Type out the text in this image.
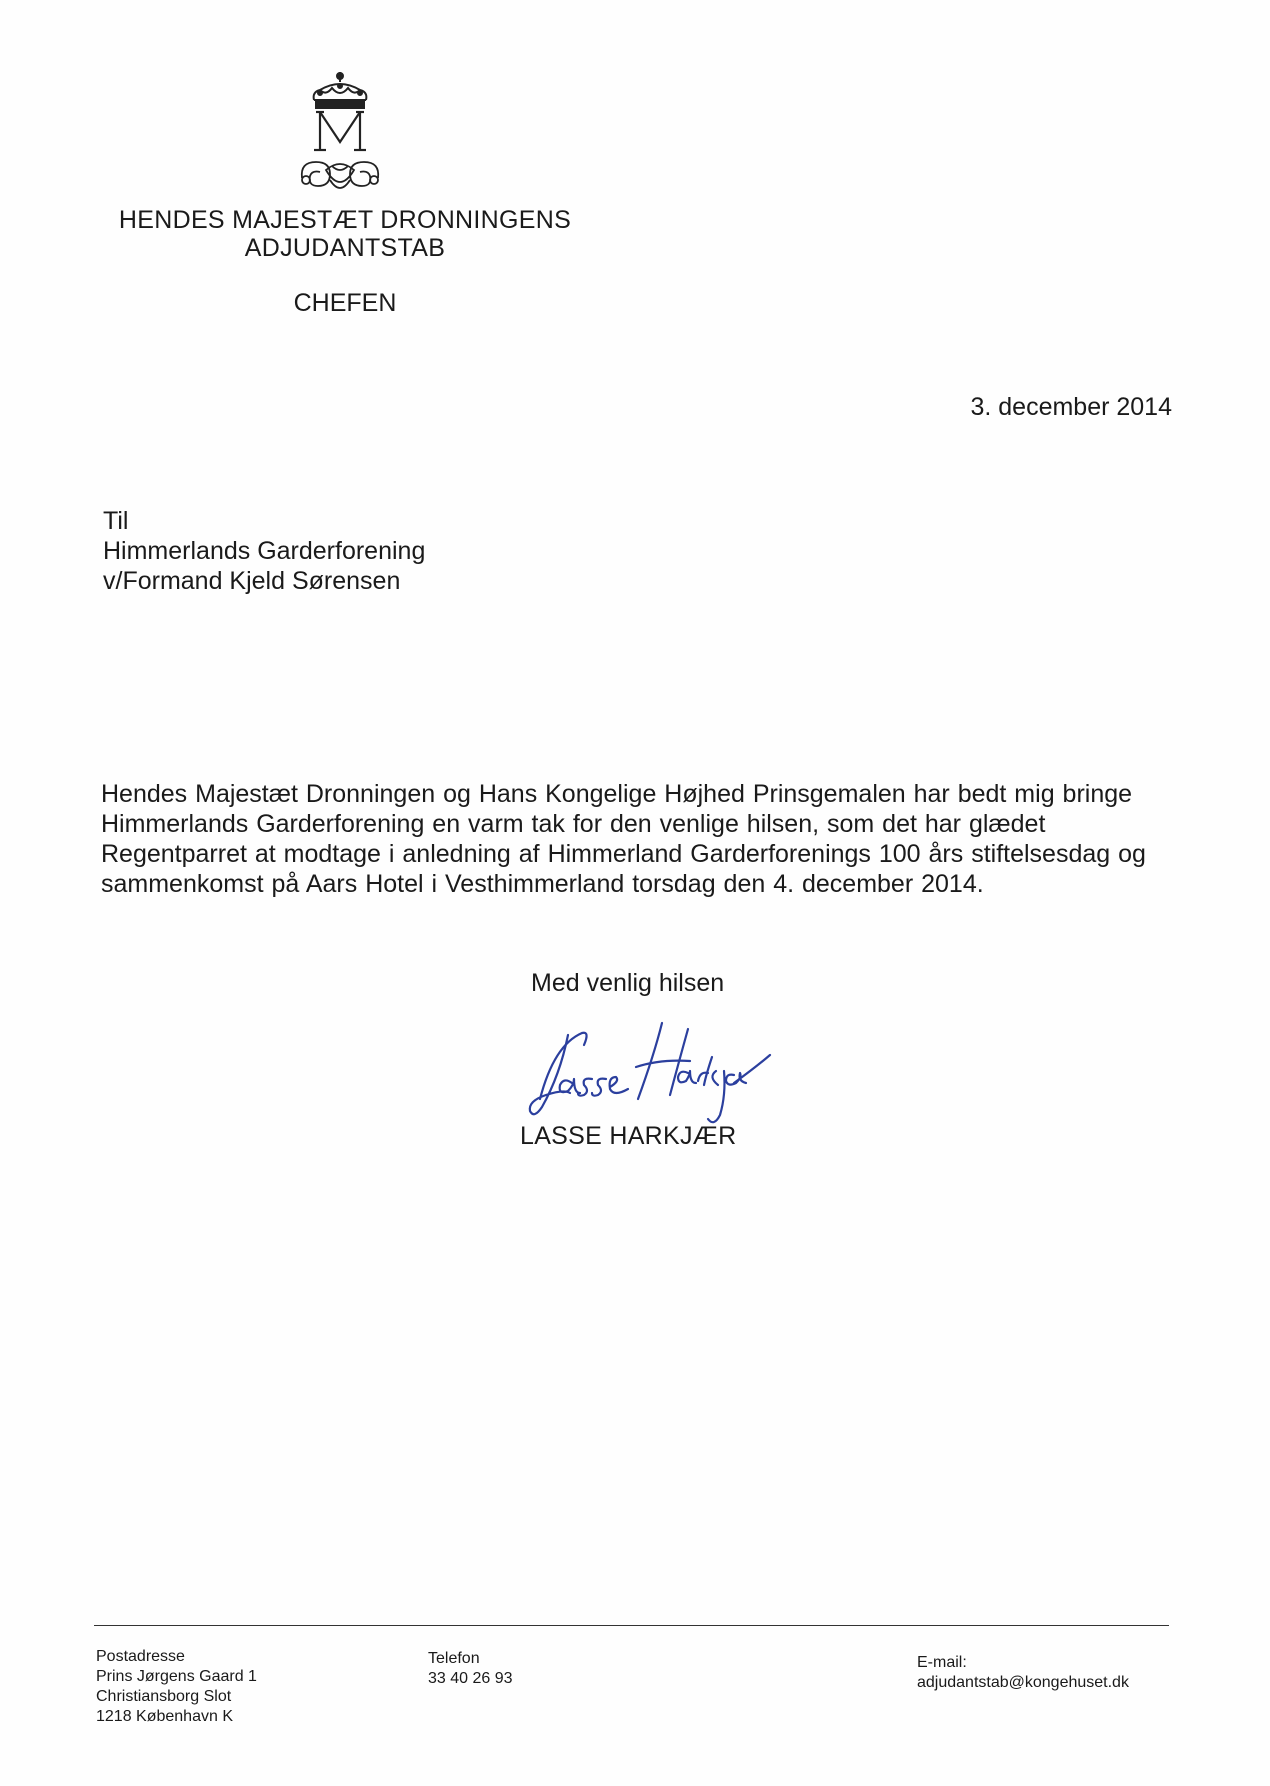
HENDES MAJESTÆT DRONNINGENS
ADJUDANTSTAB
CHEFEN
3. december 2014
Til
Himmerlands Garderforening
v/Formand Kjeld Sørensen
Hendes Majestæt Dronningen og Hans Kongelige Højhed Prinsgemalen har bedt mig bringe Himmerlands Garderforening en varm tak for den venlige hilsen, som det har glædet Regentparret at modtage i anledning af Himmerland Garderforenings 100 års stiftelsesdag og sammenkomst på Aars Hotel i Vesthimmerland torsdag den 4. december 2014.
Med venlig hilsen
LASSE HARKJÆR
Postadresse
Prins Jørgens Gaard 1
Christiansborg Slot
1218 København K
Telefon
33 40 26 93
E-mail:
adjudantstab@kongehuset.dk
